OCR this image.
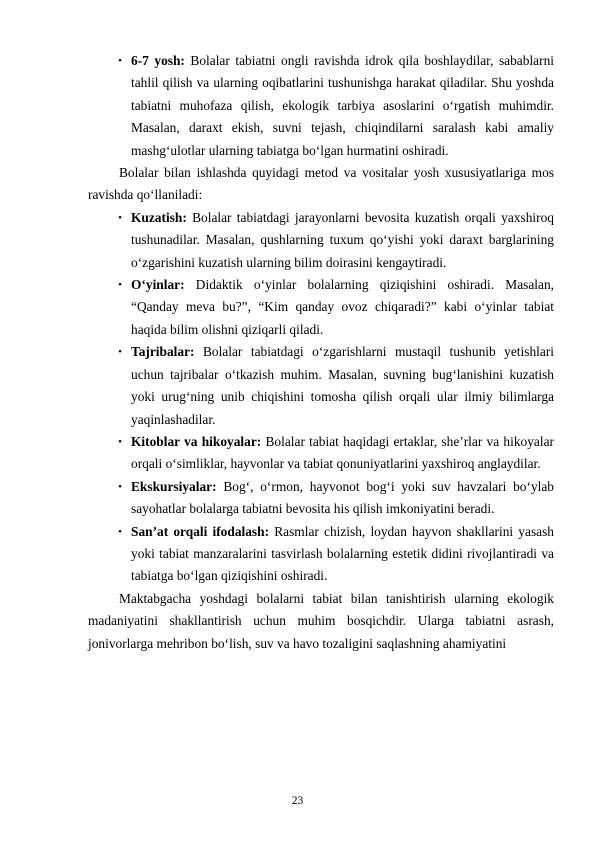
• 6-7 yosh: Bolalar tabiatni ongli ravishda idrok qila boshlaydilar, sabablarni tahlil qilish va ularning oqibatlarini tushunishga harakat qiladilar. Shu yoshda tabiatni muhofaza qilish, ekologik tarbiya asoslarini o‘rgatish muhimdir. Masalan, daraxt ekish, suvni tejash, chiqindilarni saralash kabi amaliy mashg‘ulotlar ularning tabiatga bo‘lgan hurmatini oshiradi.

Bolalar bilan ishlashda quyidagi metod va vositalar yosh xususiyatlariga mos ravishda qo‘llaniladi:

• Kuzatish: Bolalar tabiatdagi jarayonlarni bevosita kuzatish orqali yaxshiroq tushunadilar. Masalan, qushlarning tuxum qo‘yishi yoki daraxt barglarining o‘zgarishini kuzatish ularning bilim doirasini kengaytiradi.

• O‘yinlar: Didaktik o‘yinlar bolalarning qiziqishini oshiradi. Masalan, “Qanday meva bu?”, “Kim qanday ovoz chiqaradi?” kabi o‘yinlar tabiat haqida bilim olishni qiziqarli qiladi.

• Tajribalar: Bolalar tabiatdagi o‘zgarishlarni mustaqil tushunib yetishlari uchun tajribalar o‘tkazish muhim. Masalan, suvning bug‘lanishini kuzatish yoki urug‘ning unib chiqishini tomosha qilish orqali ular ilmiy bilimlarga yaqinlashadilar.

• Kitoblar va hikoyalar: Bolalar tabiat haqidagi ertaklar, she’rlar va hikoyalar orqali o‘simliklar, hayvonlar va tabiat qonuniyatlarini yaxshiroq anglaydilar.

• Ekskursiyalar: Bog‘, o‘rmon, hayvonot bog‘i yoki suv havzalari bo‘ylab sayohatlar bolalarga tabiatni bevosita his qilish imkoniyatini beradi.

• San’at orqali ifodalash: Rasmlar chizish, loydan hayvon shakllarini yasash yoki tabiat manzaralarini tasvirlash bolalarning estetik didini rivojlantiradi va tabiatga bo‘lgan qiziqishini oshiradi.

Maktabgacha yoshdagi bolalarni tabiat bilan tanishtirish ularning ekologik madaniyatini shakllantirish uchun muhim bosqichdir. Ularga tabiatni asrash, jonivorlarga mehribon bo‘lish, suv va havo tozaligini saqlashning ahamiyatini

23
